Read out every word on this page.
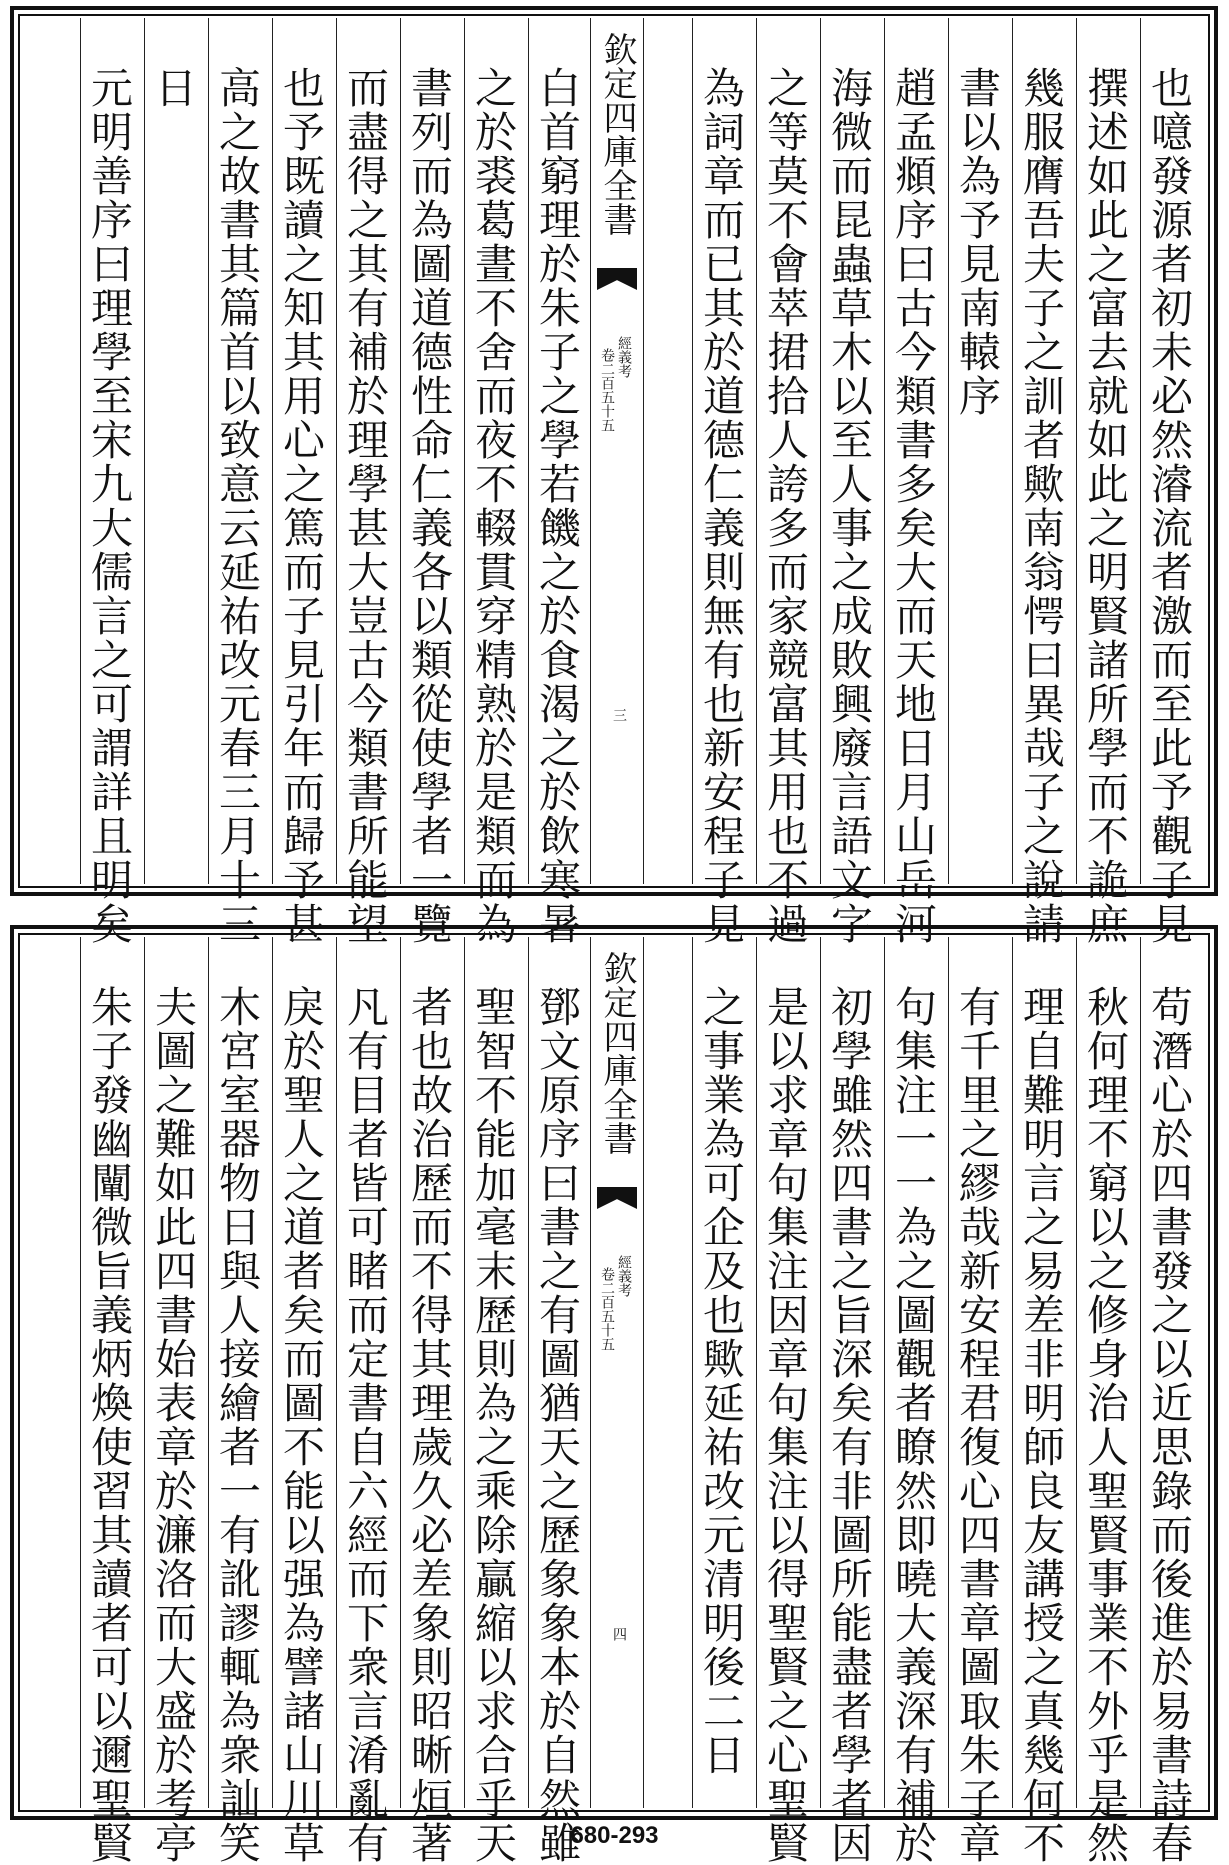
欽定四庫全書
經義考
卷二百五十五
三	也噫發源者初未必然濬流者激而至此予觀子見
撰述如此之富去就如此之明賢諸所學而不詭庶
幾服膺吾夫子之訓者歟南翁愕曰異哉子之說請
書以為予見南轅序
趙孟頫序曰古今類書多矣大而天地日月山岳河
海微而昆蟲草木以至人事之成敗興廢言語文字
之等莫不會萃捃拾人誇多而家競富其用也不過
為詞章而已其於道德仁義則無有也新安程子見
白首窮理於朱子之學若饑之於食渴之於飲寒暑
之於裘葛晝不舍而夜不輟貫穿精熟於是類而為
書列而為圖道德性命仁義各以類從使學者一覽
而盡得之其有補於理學甚大豈古今類書所能望
也予既讀之知其用心之篤而子見引年而歸予甚
高之故書其篇首以致意云延祐改元春三月十三
日
元明善序曰理學至宋九大儒言之可謂詳且明矣
欽定四庫全書
經義考
卷二百五十五
四	苟潛心於四書發之以近思錄而後進於易書詩春
秋何理不窮以之修身治人聖賢事業不外乎是然
理自難明言之易差非明師良友講授之真幾何不
有千里之繆哉新安程君復心四書章圖取朱子章
句集注一一為之圖觀者瞭然即曉大義深有補於
初學雖然四書之旨深矣有非圖所能盡者學者因
是以求章句集注因章句集注以得聖賢之心聖賢
之事業為可企及也歟延祐改元清明後二日
鄧文原序曰書之有圖猶天之歷象象本於自然雖
聖智不能加毫末歷則為之乘除贏縮以求合乎天
者也故治歷而不得其理歲久必差象則昭晰烜著
凡有目者皆可睹而定書自六經而下衆言淆亂有
戾於聖人之道者矣而圖不能以强為譬諸山川草
木宮室器物日與人接繪者一有訛謬輒為衆訕笑
夫圖之難如此四書始表章於濂洛而大盛於考亭
朱子發幽闡微旨義炳煥使習其讀者可以邇聖賢	680-293
